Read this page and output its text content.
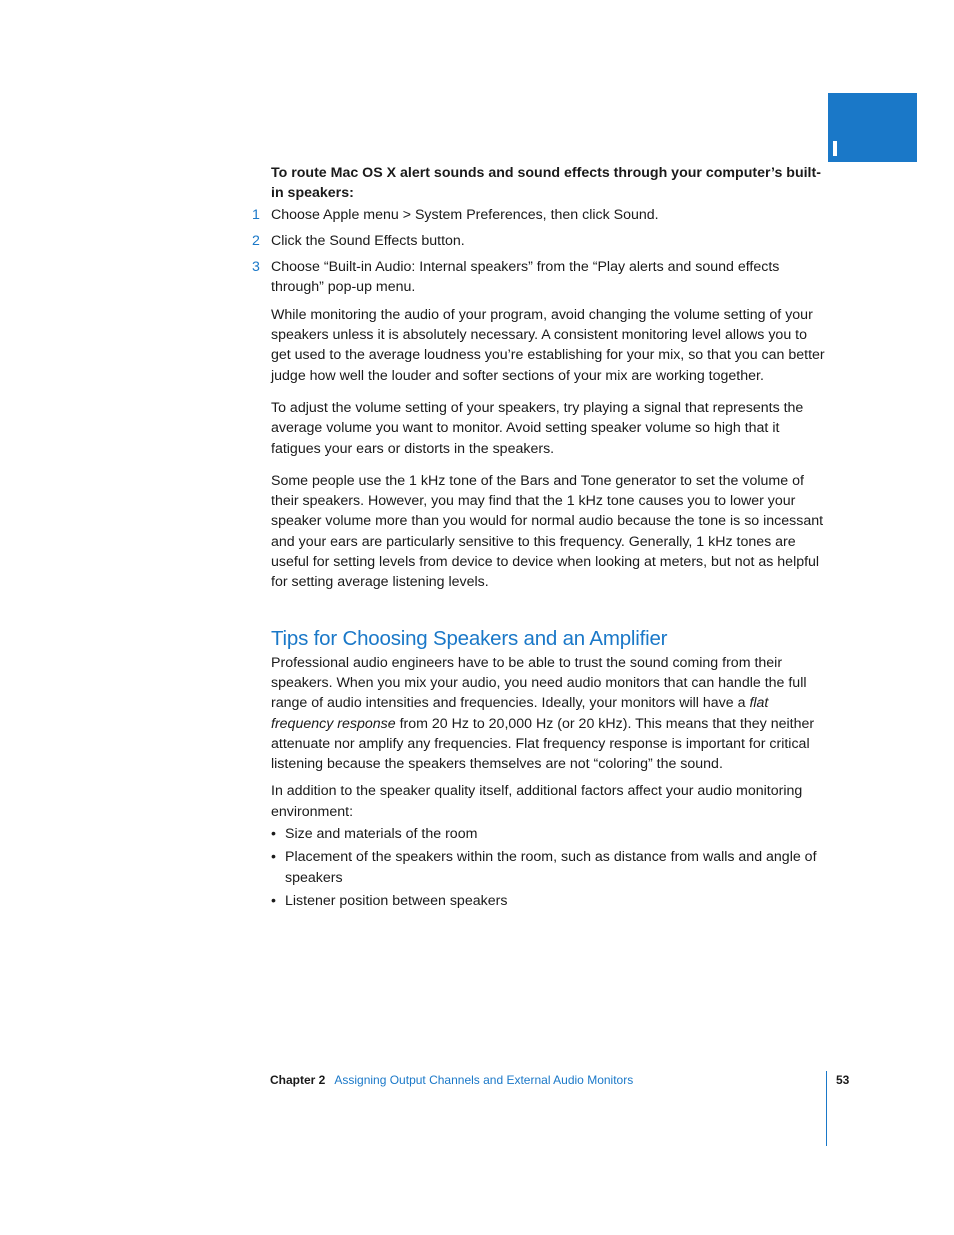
To route Mac OS X alert sounds and sound effects through your computer’s built-in speakers:

1 Choose Apple menu > System Preferences, then click Sound.
2 Click the Sound Effects button.
3 Choose “Built-in Audio: Internal speakers” from the “Play alerts and sound effects through” pop-up menu.

While monitoring the audio of your program, avoid changing the volume setting of your speakers unless it is absolutely necessary. A consistent monitoring level allows you to get used to the average loudness you’re establishing for your mix, so that you can better judge how well the louder and softer sections of your mix are working together.

To adjust the volume setting of your speakers, try playing a signal that represents the average volume you want to monitor. Avoid setting speaker volume so high that it fatigues your ears or distorts in the speakers.

Some people use the 1 kHz tone of the Bars and Tone generator to set the volume of their speakers. However, you may find that the 1 kHz tone causes you to lower your speaker volume more than you would for normal audio because the tone is so incessant and your ears are particularly sensitive to this frequency. Generally, 1 kHz tones are useful for setting levels from device to device when looking at meters, but not as helpful for setting average listening levels.

Tips for Choosing Speakers and an Amplifier

Professional audio engineers have to be able to trust the sound coming from their speakers. When you mix your audio, you need audio monitors that can handle the full range of audio intensities and frequencies. Ideally, your monitors will have a flat frequency response from 20 Hz to 20,000 Hz (or 20 kHz). This means that they neither attenuate nor amplify any frequencies. Flat frequency response is important for critical listening because the speakers themselves are not “coloring” the sound.

In addition to the speaker quality itself, additional factors affect your audio monitoring environment:

• Size and materials of the room
• Placement of the speakers within the room, such as distance from walls and angle of speakers
• Listener position between speakers
Chapter 2 Assigning Output Channels and External Audio Monitors	53
